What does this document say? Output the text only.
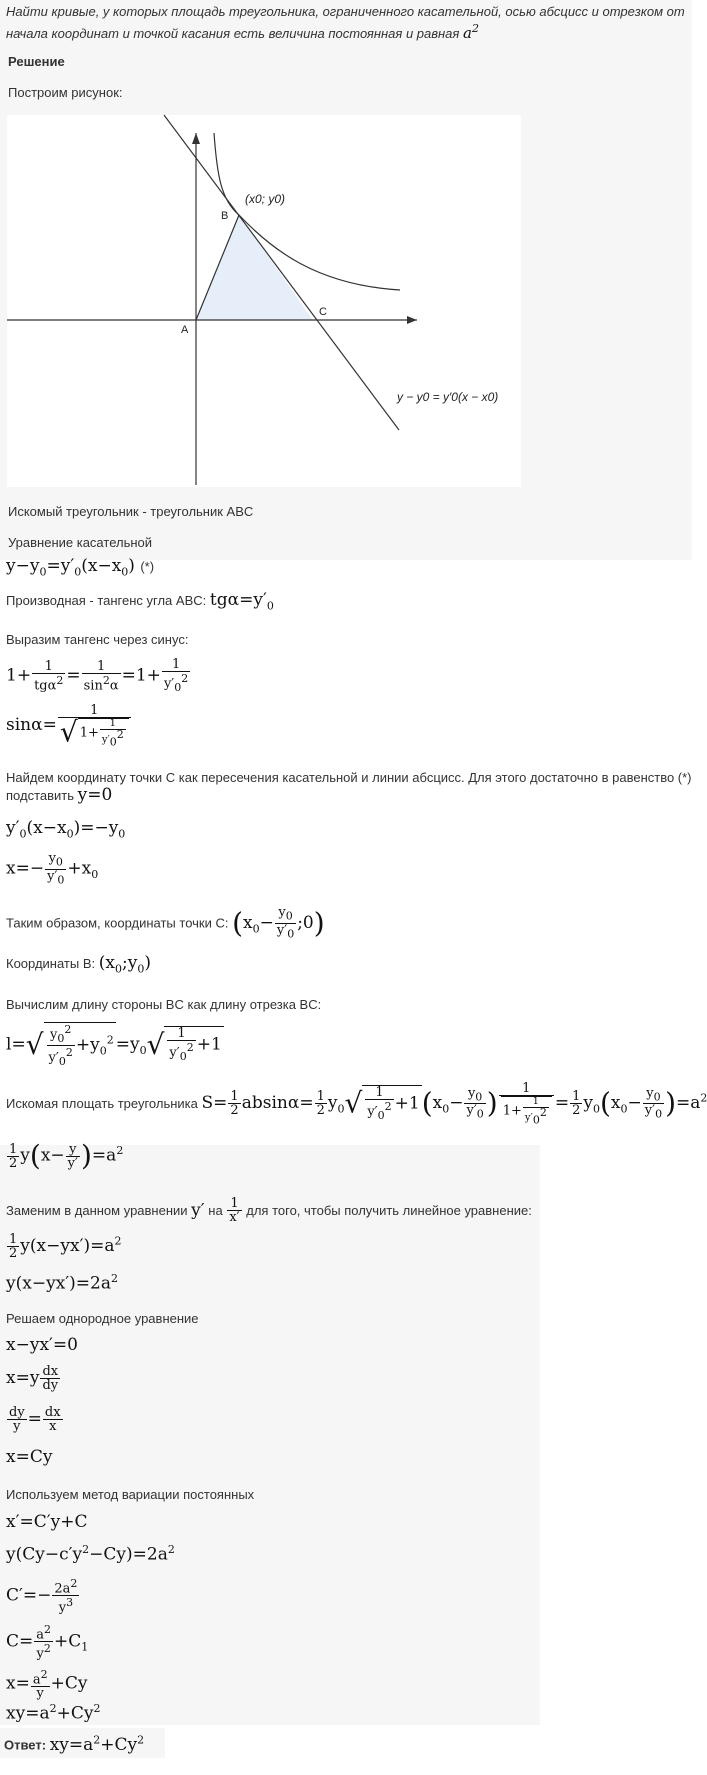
Найти кривые, у которых площадь треугольника, ограниченного касательной, осью абсцисс и отрезком от начала координат и точкой касания есть величина постоянная и равная $a^2$
Решение
Построим рисунок:
A
B
C
(x0; y0)
y − y0 = y′0(x − x0)
Искомый треугольник - треугольник ABC
Уравнение касательной
$y-y_0=y'_0(x-x_0)$ (*)
Производная - тангенс угла ABC: $tg\alpha=y'_0$
Выразим тангенс через синус:
1+	1
$tg\alpha^2 = \frac{1}{\sin^2\alpha} =1+ \frac{1}{y'_0^2}$
$\sin\alpha= \frac{1}{√ 1+ \frac{1}{y'_0^2}}$
Найдем координату точки C как пересечения касательной и линии абсцисс. Для этого достаточно в равенство (*)
подставить y=0
$y'_0(x-x_0)=-y_0$
$x=- \frac{y_0}{y'_0} +x_0$
Таким образом, координаты точки C: ($x_0- \frac{y_0}{y'_0}$ ;0)
Координаты B: $(x_0;y_0)$
Вычислим длину стороны BC как длину отрезка BC:
$l=√ \frac{y_0^2}{y'_0^2} +y_0^2 =y_0√ \frac{1}{y'_0^2} +1$
Искомая площать треугольника $S= \frac{1}{2} absin\alpha= \frac{1}{2} y_0√ \frac{1}{y'_0^2} +1(x_0- \frac{y_0}{y'_0}$ ) $\frac{1}{1+ \frac{1}{y'_0^2}} = \frac{1}{2} y_0(x_0- \frac{y_0}{y'_0} )=a^2$
$\frac{1}{2} y(x- \frac{y}{y'} )=a^2$
Заменим в данном уравнении y′ на $\frac{1}{x'}$ для того, чтобы получить линейное уравнение:
$\frac{1}{2} y(x-yx')=a^2$
$y(x-yx')=2a^2$
Решаем однородное уравнение
x−yx′=0
$x=y \frac{dx}{dy}$
$\frac{dy}{y} = \frac{dx}{x}$
x=Cy
Используем метод вариации постоянных
x′=C′y+C
$y(Cy-c'y^2-Cy)=2a^2$
$C'=- \frac{2a^2}{y^3}$
$C= \frac{a^2}{y^2} +C_1$
$x= \frac{a^2}{y} +Cy$
$xy=a^2+Cy^2$
Ответ: $xy=a^2+Cy^2$
